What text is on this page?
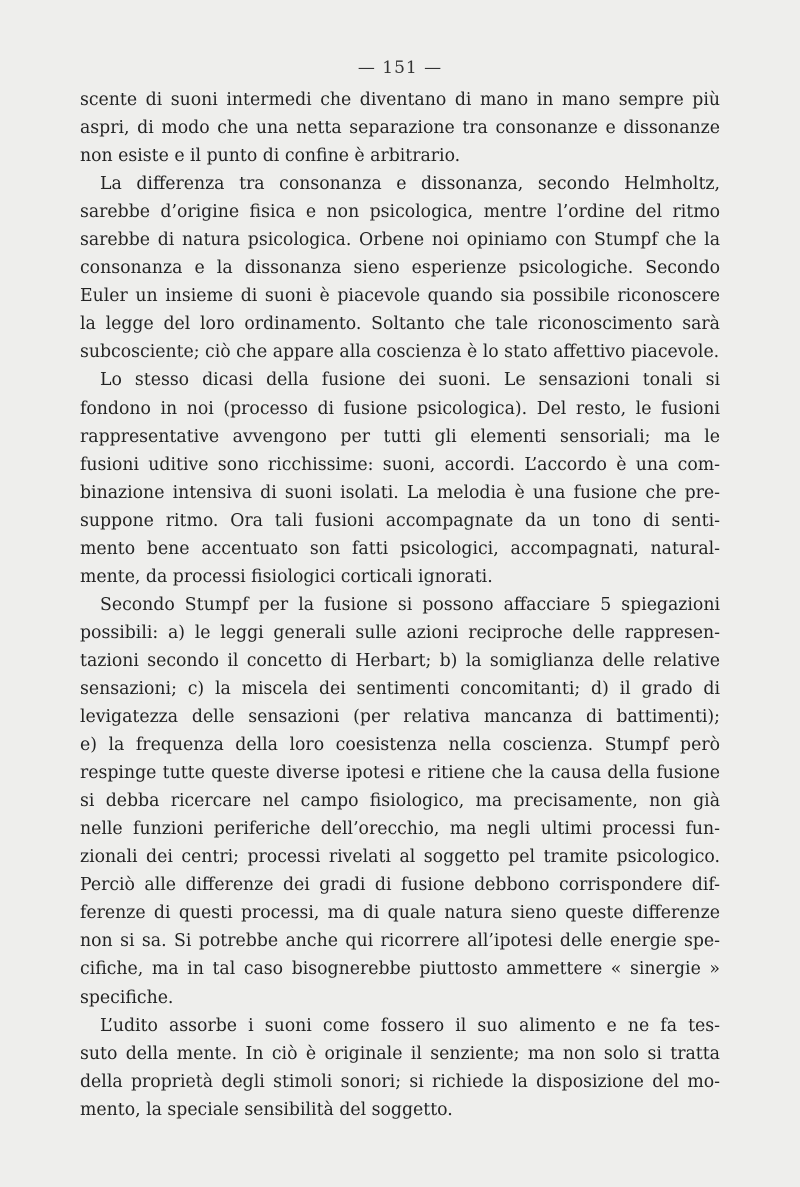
— 151 —
scente di suoni intermedi che diventano di mano in mano sempre più
aspri, di modo che una netta separazione tra consonanze e dissonanze
non esiste e il punto di confine è arbitrario.
La differenza tra consonanza e dissonanza, secondo Helmholtz,
sarebbe d’origine fisica e non psicologica, mentre l’ordine del ritmo
sarebbe di natura psicologica. Orbene noi opiniamo con Stumpf che la
consonanza e la dissonanza sieno esperienze psicologiche. Secondo
Euler un insieme di suoni è piacevole quando sia possibile riconoscere
la legge del loro ordinamento. Soltanto che tale riconoscimento sarà
subcosciente; ciò che appare alla coscienza è lo stato affettivo piacevole.
Lo stesso dicasi della fusione dei suoni. Le sensazioni tonali si
fondono in noi (processo di fusione psicologica). Del resto, le fusioni
rappresentative avvengono per tutti gli elementi sensoriali; ma le
fusioni uditive sono ricchissime: suoni, accordi. L’accordo è una com-
binazione intensiva di suoni isolati. La melodia è una fusione che pre-
suppone ritmo. Ora tali fusioni accompagnate da un tono di senti-
mento bene accentuato son fatti psicologici, accompagnati, natural-
mente, da processi fisiologici corticali ignorati.
Secondo Stumpf per la fusione si possono affacciare 5 spiegazioni
possibili: a) le leggi generali sulle azioni reciproche delle rappresen-
tazioni secondo il concetto di Herbart; b) la somiglianza delle relative
sensazioni; c) la miscela dei sentimenti concomitanti; d) il grado di
levigatezza delle sensazioni (per relativa mancanza di battimenti);
e) la frequenza della loro coesistenza nella coscienza. Stumpf però
respinge tutte queste diverse ipotesi e ritiene che la causa della fusione
si debba ricercare nel campo fisiologico, ma precisamente, non già
nelle funzioni periferiche dell’orecchio, ma negli ultimi processi fun-
zionali dei centri; processi rivelati al soggetto pel tramite psicologico.
Perciò alle differenze dei gradi di fusione debbono corrispondere dif-
ferenze di questi processi, ma di quale natura sieno queste differenze
non si sa. Si potrebbe anche qui ricorrere all’ipotesi delle energie spe-
cifiche, ma in tal caso bisognerebbe piuttosto ammettere « sinergie »
specifiche.
L’udito assorbe i suoni come fossero il suo alimento e ne fa tes-
suto della mente. In ciò è originale il senziente; ma non solo si tratta
della proprietà degli stimoli sonori; si richiede la disposizione del mo-
mento, la speciale sensibilità del soggetto.
